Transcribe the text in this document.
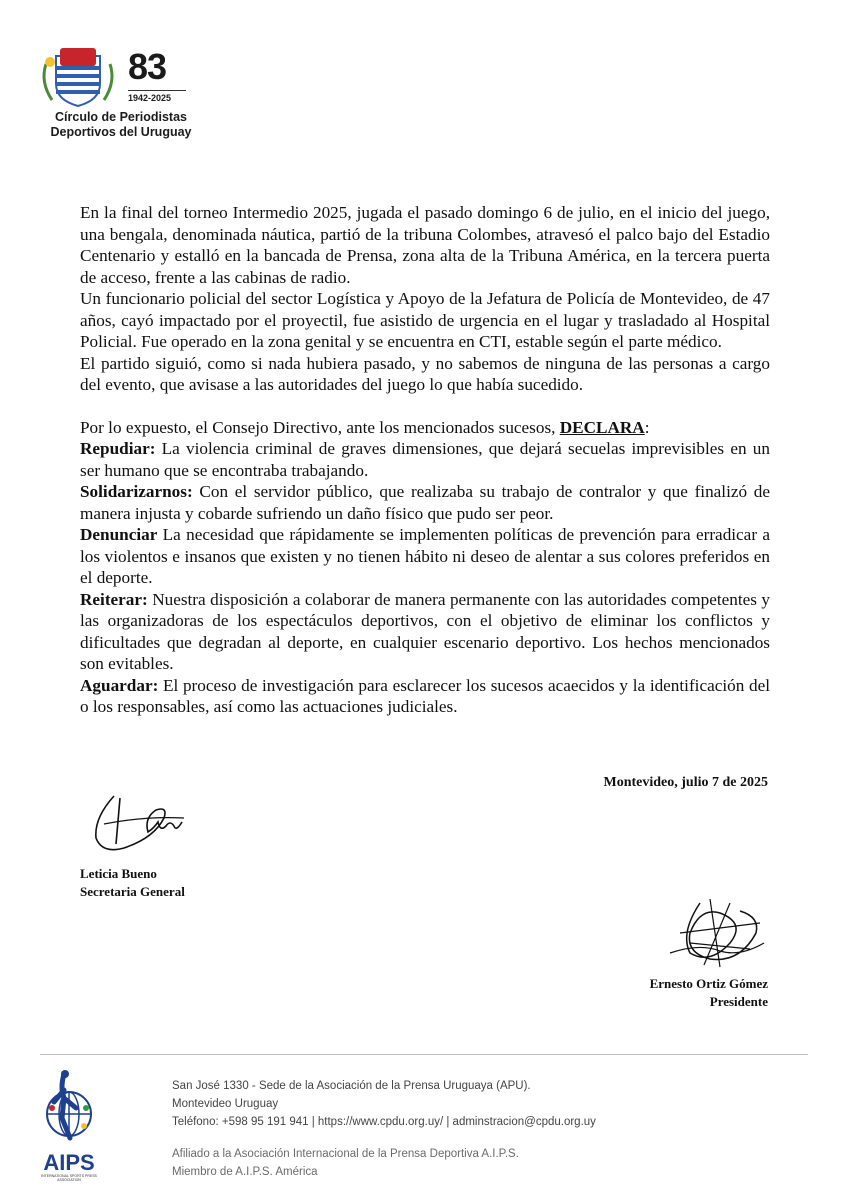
83
1942-2025
Círculo de Periodistas
Deportivos del Uruguay

En la final del torneo Intermedio 2025, jugada el pasado domingo 6 de julio, en el inicio del juego, una bengala, denominada náutica, partió de la tribuna Colombes, atravesó el palco bajo del Estadio Centenario y estalló en la bancada de Prensa, zona alta de la Tribuna América, en la tercera puerta de acceso, frente a las cabinas de radio.

Un funcionario policial del sector Logística y Apoyo de la Jefatura de Policía de Montevideo, de 47 años, cayó impactado por el proyectil, fue asistido de urgencia en el lugar y trasladado al Hospital Policial. Fue operado en la zona genital y se encuentra en CTI, estable según el parte médico.

El partido siguió, como si nada hubiera pasado, y no sabemos de ninguna de las personas a cargo del evento, que avisase a las autoridades del juego lo que había sucedido.

Por lo expuesto, el Consejo Directivo, ante los mencionados sucesos, DECLARA:

Repudiar: La violencia criminal de graves dimensiones, que dejará secuelas imprevisibles en un ser humano que se encontraba trabajando.

Solidarizarnos: Con el servidor público, que realizaba su trabajo de contralor y que finalizó de manera injusta y cobarde sufriendo un daño físico que pudo ser peor.

Denunciar La necesidad que rápidamente se implementen políticas de prevención para erradicar a los violentos e insanos que existen y no tienen hábito ni deseo de alentar a sus colores preferidos en el deporte.

Reiterar: Nuestra disposición a colaborar de manera permanente con las autoridades competentes y las organizadoras de los espectáculos deportivos, con el objetivo de eliminar los conflictos y dificultades que degradan al deporte, en cualquier escenario deportivo. Los hechos mencionados son evitables.

Aguardar: El proceso de investigación para esclarecer los sucesos acaecidos y la identificación del o los responsables, así como las actuaciones judiciales.

Montevideo, julio 7 de 2025
Leticia Bueno
Secretaria General
Ernesto Ortiz Gómez
Presidente
AIPS
INTERNATIONAL SPORTS PRESS ASSOCIATION
San José 1330 - Sede de la Asociación de la Prensa Uruguaya (APU).
Montevideo Uruguay
Teléfono: +598 95 191 941 | https://www.cpdu.org.uy/ | adminstracion@cpdu.org.uy
Afiliado a la Asociación Internacional de la Prensa Deportiva A.I.P.S.
Miembro de A.I.P.S. América
